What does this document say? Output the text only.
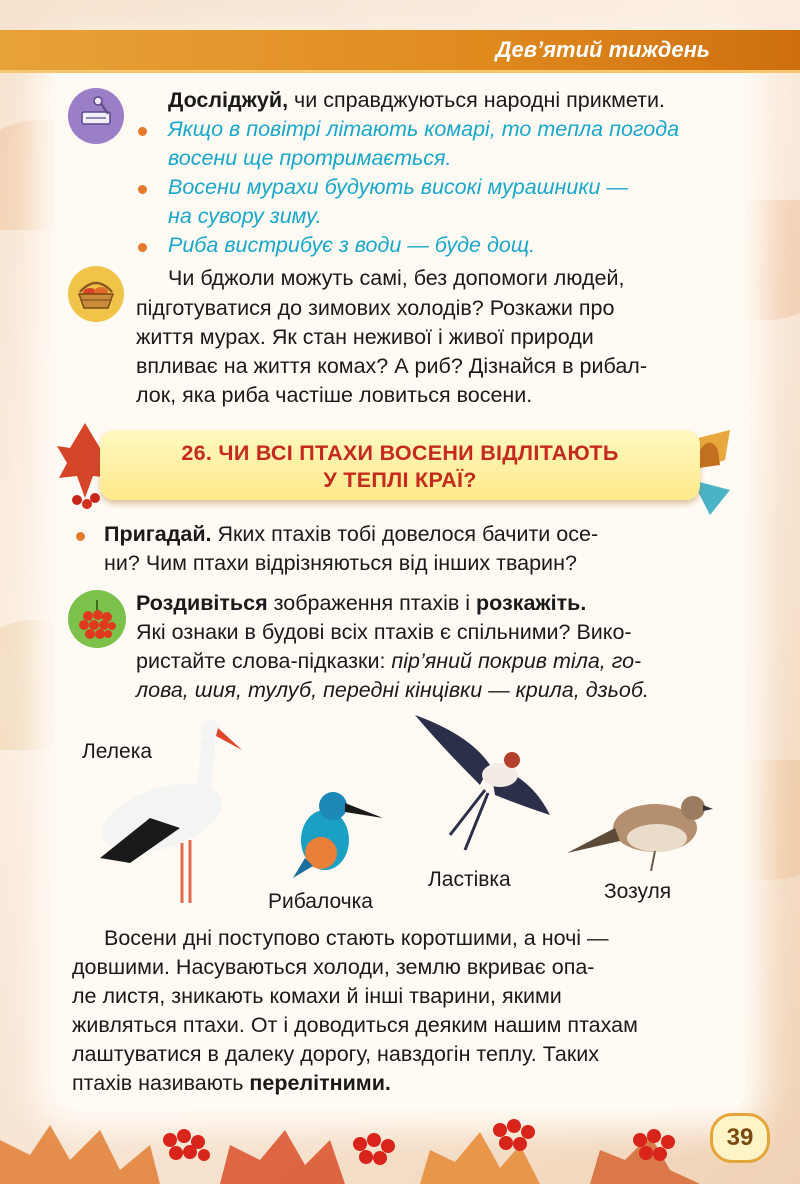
Дев’ятий тиждень
Досліджуй, чи справджуються народні прикмети.
Якщо в повітрі літають комарі, то тепла погода
восени ще протримається.
Восени мурахи будують високі мурашники —
на сувору зиму.
Риба вистрибує з води — буде дощ.
Чи бджоли можуть самі, без допомоги людей,
підготуватися до зимових холодів? Розкажи про
життя мурах. Як стан неживої і живої природи
впливає на життя комах? А риб? Дізнайся в рибал-
лок, яка риба частіше ловиться восени.
26. ЧИ ВСІ ПТАХИ ВОСЕНИ ВІДЛІТАЮТЬ
У ТЕПЛІ КРАЇ?
Пригадай. Яких птахів тобі довелося бачити осе-
ни? Чим птахи відрізняються від інших тварин?
Роздивіться зображення птахів і розкажіть.
Які ознаки в будові всіх птахів є спільними? Вико-
ристайте слова-підказки: пір’яний покрив тіла, го-
лова, шия, тулуб, передні кінцівки — крила, дзьоб.
Лелека
Рибалочка
Ластівка
Зозуля
Восени дні поступово стають коротшими, а ночі —
довшими. Насуваються холоди, землю вкриває опа-
ле листя, зникають комахи й інші тварини, якими
живляться птахи. От і доводиться деяким нашим птахам
лаштуватися в далеку дорогу, навздогін теплу. Таких
птахів називають перелітними.
39
